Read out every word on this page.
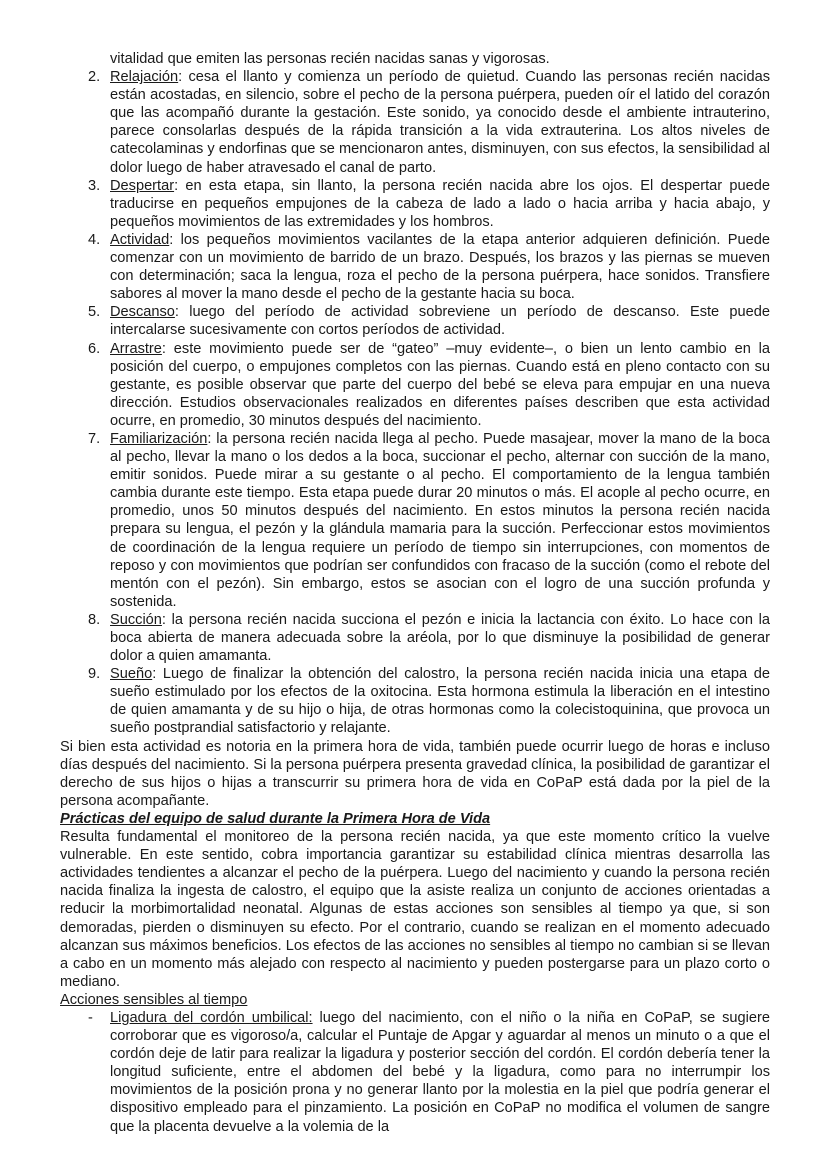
vitalidad que emiten las personas recién nacidas sanas y vigorosas.

2. Relajación: cesa el llanto y comienza un período de quietud. Cuando las personas recién nacidas están acostadas, en silencio, sobre el pecho de la persona puérpera, pueden oír el latido del corazón que las acompañó durante la gestación. Este sonido, ya conocido desde el ambiente intrauterino, parece consolarlas después de la rápida transición a la vida extrauterina. Los altos niveles de catecolaminas y endorfinas que se mencionaron antes, disminuyen, con sus efectos, la sensibilidad al dolor luego de haber atravesado el canal de parto.

3. Despertar: en esta etapa, sin llanto, la persona recién nacida abre los ojos. El despertar puede traducirse en pequeños empujones de la cabeza de lado a lado o hacia arriba y hacia abajo, y pequeños movimientos de las extremidades y los hombros.

4. Actividad: los pequeños movimientos vacilantes de la etapa anterior adquieren definición. Puede comenzar con un movimiento de barrido de un brazo. Después, los brazos y las piernas se mueven con determinación; saca la lengua, roza el pecho de la persona puérpera, hace sonidos. Transfiere sabores al mover la mano desde el pecho de la gestante hacia su boca.

5. Descanso: luego del período de actividad sobreviene un período de descanso. Este puede intercalarse sucesivamente con cortos períodos de actividad.

6. Arrastre: este movimiento puede ser de “gateo” –muy evidente–, o bien un lento cambio en la posición del cuerpo, o empujones completos con las piernas. Cuando está en pleno contacto con su gestante, es posible observar que parte del cuerpo del bebé se eleva para empujar en una nueva dirección. Estudios observacionales realizados en diferentes países describen que esta actividad ocurre, en promedio, 30 minutos después del nacimiento.

7. Familiarización: la persona recién nacida llega al pecho. Puede masajear, mover la mano de la boca al pecho, llevar la mano o los dedos a la boca, succionar el pecho, alternar con succión de la mano, emitir sonidos. Puede mirar a su gestante o al pecho. El comportamiento de la lengua también cambia durante este tiempo. Esta etapa puede durar 20 minutos o más. El acople al pecho ocurre, en promedio, unos 50 minutos después del nacimiento. En estos minutos la persona recién nacida prepara su lengua, el pezón y la glándula mamaria para la succión. Perfeccionar estos movimientos de coordinación de la lengua requiere un período de tiempo sin interrupciones, con momentos de reposo y con movimientos que podrían ser confundidos con fracaso de la succión (como el rebote del mentón con el pezón). Sin embargo, estos se asocian con el logro de una succión profunda y sostenida.

8. Succión: la persona recién nacida succiona el pezón e inicia la lactancia con éxito. Lo hace con la boca abierta de manera adecuada sobre la aréola, por lo que disminuye la posibilidad de generar dolor a quien amamanta.

9. Sueño: Luego de finalizar la obtención del calostro, la persona recién nacida inicia una etapa de sueño estimulado por los efectos de la oxitocina. Esta hormona estimula la liberación en el intestino de quien amamanta y de su hijo o hija, de otras hormonas como la colecistoquinina, que provoca un sueño postprandial satisfactorio y relajante.

Si bien esta actividad es notoria en la primera hora de vida, también puede ocurrir luego de horas e incluso días después del nacimiento. Si la persona puérpera presenta gravedad clínica, la posibilidad de garantizar el derecho de sus hijos o hijas a transcurrir su primera hora de vida en CoPaP está dada por la piel de la persona acompañante.

Prácticas del equipo de salud durante la Primera Hora de Vida

Resulta fundamental el monitoreo de la persona recién nacida, ya que este momento crítico la vuelve vulnerable. En este sentido, cobra importancia garantizar su estabilidad clínica mientras desarrolla las actividades tendientes a alcanzar el pecho de la puérpera. Luego del nacimiento y cuando la persona recién nacida finaliza la ingesta de calostro, el equipo que la asiste realiza un conjunto de acciones orientadas a reducir la morbimortalidad neonatal. Algunas de estas acciones son sensibles al tiempo ya que, si son demoradas, pierden o disminuyen su efecto. Por el contrario, cuando se realizan en el momento adecuado alcanzan sus máximos beneficios. Los efectos de las acciones no sensibles al tiempo no cambian si se llevan a cabo en un momento más alejado con respecto al nacimiento y pueden postergarse para un plazo corto o mediano.

Acciones sensibles al tiempo

-	Ligadura del cordón umbilical: luego del nacimiento, con el niño o la niña en CoPaP, se sugiere corroborar que es vigoroso/a, calcular el Puntaje de Apgar y aguardar al menos un minuto o a que el cordón deje de latir para realizar la ligadura y posterior sección del cordón. El cordón debería tener la longitud suficiente, entre el abdomen del bebé y la ligadura, como para no interrumpir los movimientos de la posición prona y no generar llanto por la molestia en la piel que podría generar el dispositivo empleado para el pinzamiento. La posición en CoPaP no modifica el volumen de sangre que la placenta devuelve a la volemia de la
